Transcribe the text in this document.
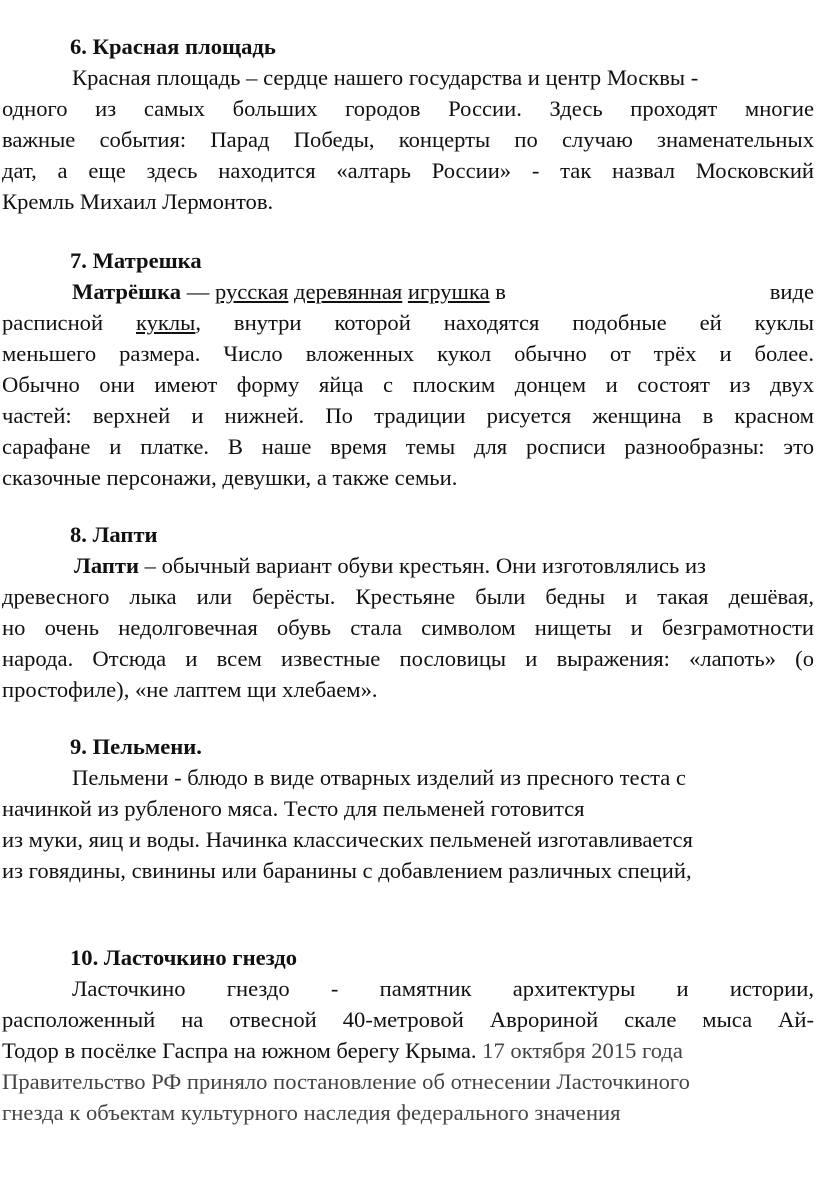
6. Красная площадь
Красная площадь – сердце нашего государства и центр Москвы -
одного из самых больших городов России. Здесь проходят многие
важные события: Парад Победы, концерты по случаю знаменательных
дат, а еще здесь находится «алтарь России» - так назвал Московский
Кремль Михаил Лермонтов.
7. Матрешка
Матрёшка — русская деревянная игрушка в	виде
расписной куклы, внутри которой находятся подобные ей куклы
меньшего размера. Число вложенных кукол обычно от трёх и более.
Обычно они имеют форму яйца с плоским донцем и состоят из двух
частей: верхней и нижней. По традиции рисуется женщина в красном
сарафане и платке. В наше время темы для росписи разнообразны: это
сказочные персонажи, девушки, а также семьи.
8. Лапти
Лапти – обычный вариант обуви крестьян. Они изготовлялись из
древесного лыка или берёсты. Крестьяне были бедны и такая дешёвая,
но очень недолговечная обувь стала символом нищеты и безграмотности
народа. Отсюда и всем известные пословицы и выражения: «лапоть» (о
простофиле), «не лаптем щи хлебаем».
9. Пельмени.
Пельмени - блюдо в виде отварных изделий из пресного теста с
начинкой из рубленого мяса. Тесто для пельменей готовится
из муки, яиц и воды. Начинка классических пельменей изготавливается
из говядины, свинины или баранины с добавлением различных специй,
10. Ласточкино гнездо
Ласточкино гнездо - памятник архитектуры и истории,
расположенный на отвесной 40-метровой Аврориной скале мыса Ай-
Тодор в посёлке Гаспра на южном берегу Крыма. 17 октября 2015 года
Правительство РФ приняло постановление об отнесении Ласточкиного
гнезда к объектам культурного наследия федерального значения
